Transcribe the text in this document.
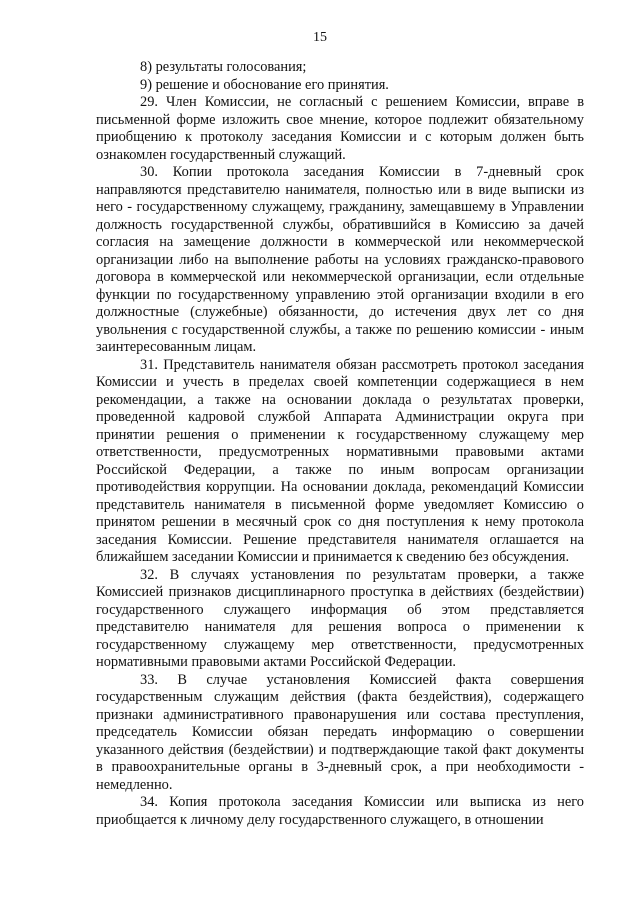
15

8) результаты голосования;

9) решение и обоснование его принятия.

29. Член Комиссии, не согласный с решением Комиссии, вправе в письменной форме изложить свое мнение, которое подлежит обязательному приобщению к протоколу заседания Комиссии и с которым должен быть ознакомлен государственный служащий.

30. Копии протокола заседания Комиссии в 7-дневный срок направляются представителю нанимателя, полностью или в виде выписки из него - государственному служащему, гражданину, замещавшему в Управлении должность государственной службы, обратившийся в Комиссию за дачей согласия на замещение должности в коммерческой или некоммерческой организации либо на выполнение работы на условиях гражданско-правового договора в коммерческой или некоммерческой организации, если отдельные функции по государственному управлению этой организации входили в его должностные (служебные) обязанности, до истечения двух лет со дня увольнения с государственной службы, а также по решению комиссии - иным заинтересованным лицам.

31. Представитель нанимателя обязан рассмотреть протокол заседания Комиссии и учесть в пределах своей компетенции содержащиеся в нем рекомендации, а также на основании доклада о результатах проверки, проведенной кадровой службой Аппарата Администрации округа при принятии решения о применении к государственному служащему мер ответственности, предусмотренных нормативными правовыми актами Российской Федерации, а также по иным вопросам организации противодействия коррупции. На основании доклада, рекомендаций Комиссии представитель нанимателя в письменной форме уведомляет Комиссию о принятом решении в месячный срок со дня поступления к нему протокола заседания Комиссии. Решение представителя нанимателя оглашается на ближайшем заседании Комиссии и принимается к сведению без обсуждения.

32. В случаях установления по результатам проверки, а также Комиссией признаков дисциплинарного проступка в действиях (бездействии) государственного служащего информация об этом представляется представителю нанимателя для решения вопроса о применении к государственному служащему мер ответственности, предусмотренных нормативными правовыми актами Российской Федерации.

33. В случае установления Комиссией факта совершения государственным служащим действия (факта бездействия), содержащего признаки административного правонарушения или состава преступления, председатель Комиссии обязан передать информацию о совершении указанного действия (бездействии) и подтверждающие такой факт документы в правоохранительные органы в 3-дневный срок, а при необходимости - немедленно.

34. Копия протокола заседания Комиссии или выписка из него приобщается к личному делу государственного служащего, в отношении
